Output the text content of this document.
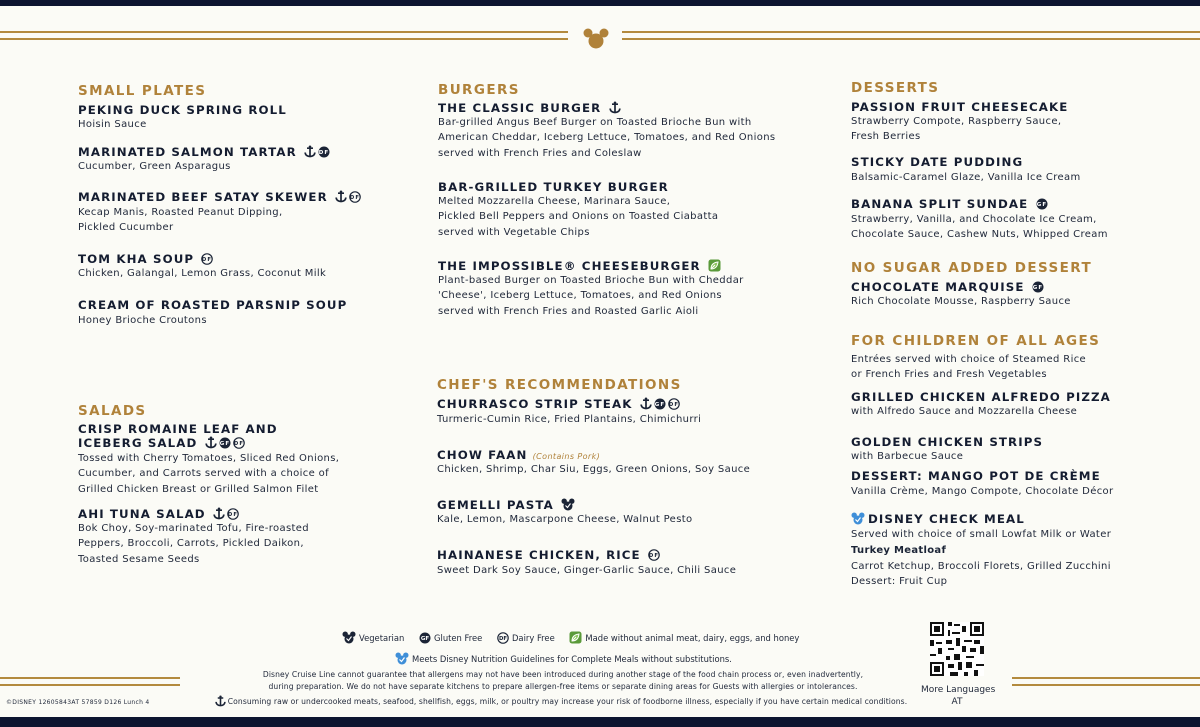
SMALL PLATES
PEKING DUCK SPRING ROLL
Hoisin Sauce
MARINATED SALMON TARTAR	DF
Cucumber, Green Asparagus
MARINATED BEEF SATAY SKEWER	DF
Kecap Manis, Roasted Peanut Dipping,
Pickled Cucumber
TOM KHA SOUP DF
Chicken, Galangal, Lemon Grass, Coconut Milk
CREAM OF ROASTED PARSNIP SOUP
Honey Brioche Croutons
SALADS
CRISP ROMAINE LEAF AND
ICEBERG SALAD	GF DF
Tossed with Cherry Tomatoes, Sliced Red Onions,
Cucumber, and Carrots served with a choice of
Grilled Chicken Breast or Grilled Salmon Filet
AHI TUNA SALAD	DF
Bok Choy, Soy-marinated Tofu, Fire-roasted
Peppers, Broccoli, Carrots, Pickled Daikon,
Toasted Sesame Seeds
BURGERS
THE CLASSIC BURGER
Bar-grilled Angus Beef Burger on Toasted Brioche Bun with
American Cheddar, Iceberg Lettuce, Tomatoes, and Red Onions
served with French Fries and Coleslaw
BAR-GRILLED TURKEY BURGER
Melted Mozzarella Cheese, Marinara Sauce,
Pickled Bell Peppers and Onions on Toasted Ciabatta
served with Vegetable Chips
THE IMPOSSIBLE® CHEESEBURGER
Plant-based Burger on Toasted Brioche Bun with Cheddar
'Cheese', Iceberg Lettuce, Tomatoes, and Red Onions
served with French Fries and Roasted Garlic Aioli
CHEF'S RECOMMENDATIONS
CHURRASCO STRIP STEAK	GF DF
Turmeric-Cumin Rice, Fried Plantains, Chimichurri
CHOW FAAN (Contains Pork)
Chicken, Shrimp, Char Siu, Eggs, Green Onions, Soy Sauce
GEMELLI PASTA
Kale, Lemon, Mascarpone Cheese, Walnut Pesto
HAINANESE CHICKEN, RICE DF
Sweet Dark Soy Sauce, Ginger-Garlic Sauce, Chili Sauce
DESSERTS
PASSION FRUIT CHEESECAKE
Strawberry Compote, Raspberry Sauce,
Fresh Berries
STICKY DATE PUDDING
Balsamic-Caramel Glaze, Vanilla Ice Cream
BANANA SPLIT SUNDAE GF
Strawberry, Vanilla, and Chocolate Ice Cream,
Chocolate Sauce, Cashew Nuts, Whipped Cream
NO SUGAR ADDED DESSERT
CHOCOLATE MARQUISE GF
Rich Chocolate Mousse, Raspberry Sauce
FOR CHILDREN OF ALL AGES
Entrées served with choice of Steamed Rice
or French Fries and Fresh Vegetables
GRILLED CHICKEN ALFREDO PIZZA
with Alfredo Sauce and Mozzarella Cheese
GOLDEN CHICKEN STRIPS
with Barbecue Sauce
DESSERT: MANGO POT DE CRÈME
Vanilla Crème, Mango Compote, Chocolate Décor
DISNEY CHECK MEAL
Served with choice of small Lowfat Milk or Water
Turkey Meatloaf
Carrot Ketchup, Broccoli Florets, Grilled Zucchini
Dessert: Fruit Cup
Vegetarian	GF Gluten Free	DF Dairy Free	Made without animal meat, dairy, eggs, and honey
Meets Disney Nutrition Guidelines for Complete Meals without substitutions.
Disney Cruise Line cannot guarantee that allergens may not have been introduced during another stage of the food chain process or, even inadvertently,
during preparation. We do not have separate kitchens to prepare allergen-free items or separate dining areas for Guests with allergies or intolerances.
Consuming raw or undercooked meats, seafood, shellfish, eggs, milk, or poultry may increase your risk of foodborne illness, especially if you have certain medical conditions.
©DISNEY 12605843AT 57859 D126 Lunch 4
More Languages
AT
